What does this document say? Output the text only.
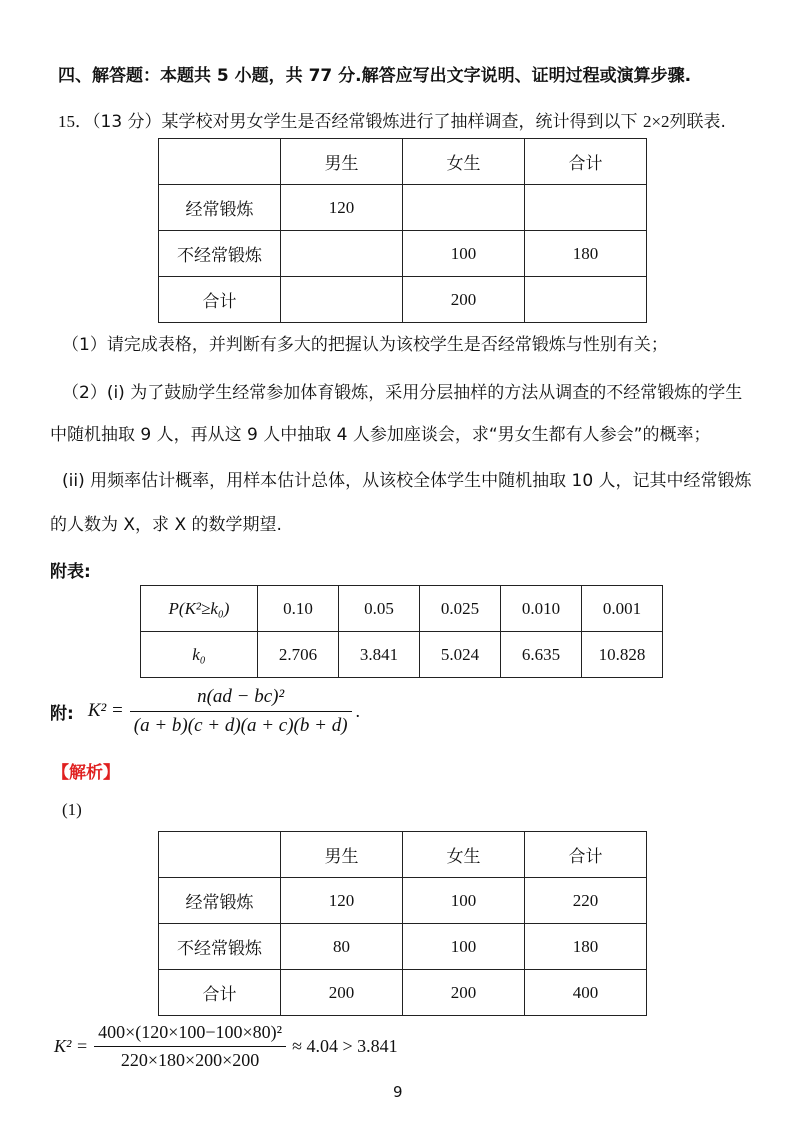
四、解答题：本题共 5 小题，共 77 分.解答应写出文字说明、证明过程或演算步骤.
15．（13 分）某学校对男女学生是否经常锻炼进行了抽样调查，统计得到以下 2×2列联表.
	男生	女生	合计
经常锻炼	120		
不经常锻炼		100	180
合计		200	
（1）请完成表格，并判断有多大的把握认为该校学生是否经常锻炼与性别有关；
（2）(i) 为了鼓励学生经常参加体育锻炼，采用分层抽样的方法从调查的不经常锻炼的学生
中随机抽取 9 人，再从这 9 人中抽取 4 人参加座谈会，求“男女生都有人参会”的概率；
(ii) 用频率估计概率，用样本估计总体，从该校全体学生中随机抽取 10 人，记其中经常锻炼
的人数为 X，求 X 的数学期望.
附表:
P(K²≥k₀)	0.10	0.05	0.025	0.010	0.001
k₀	2.706	3.841	5.024	6.635	10.828
附: $K^2 = \frac{\text{n(ad − bc)²}}{(a + b)(c + d)(a + c)(b + d)}$ .
【解析】
(1)
	男生	女生	合计
经常锻炼	120	100	220
不经常锻炼	80	100	180
合计	200	200	400
$K^2 = \frac{\text{400×(120×100−100×80)²}}{220\times 180\times 200\times 200} \approx 4.04 > 3.841$
9
